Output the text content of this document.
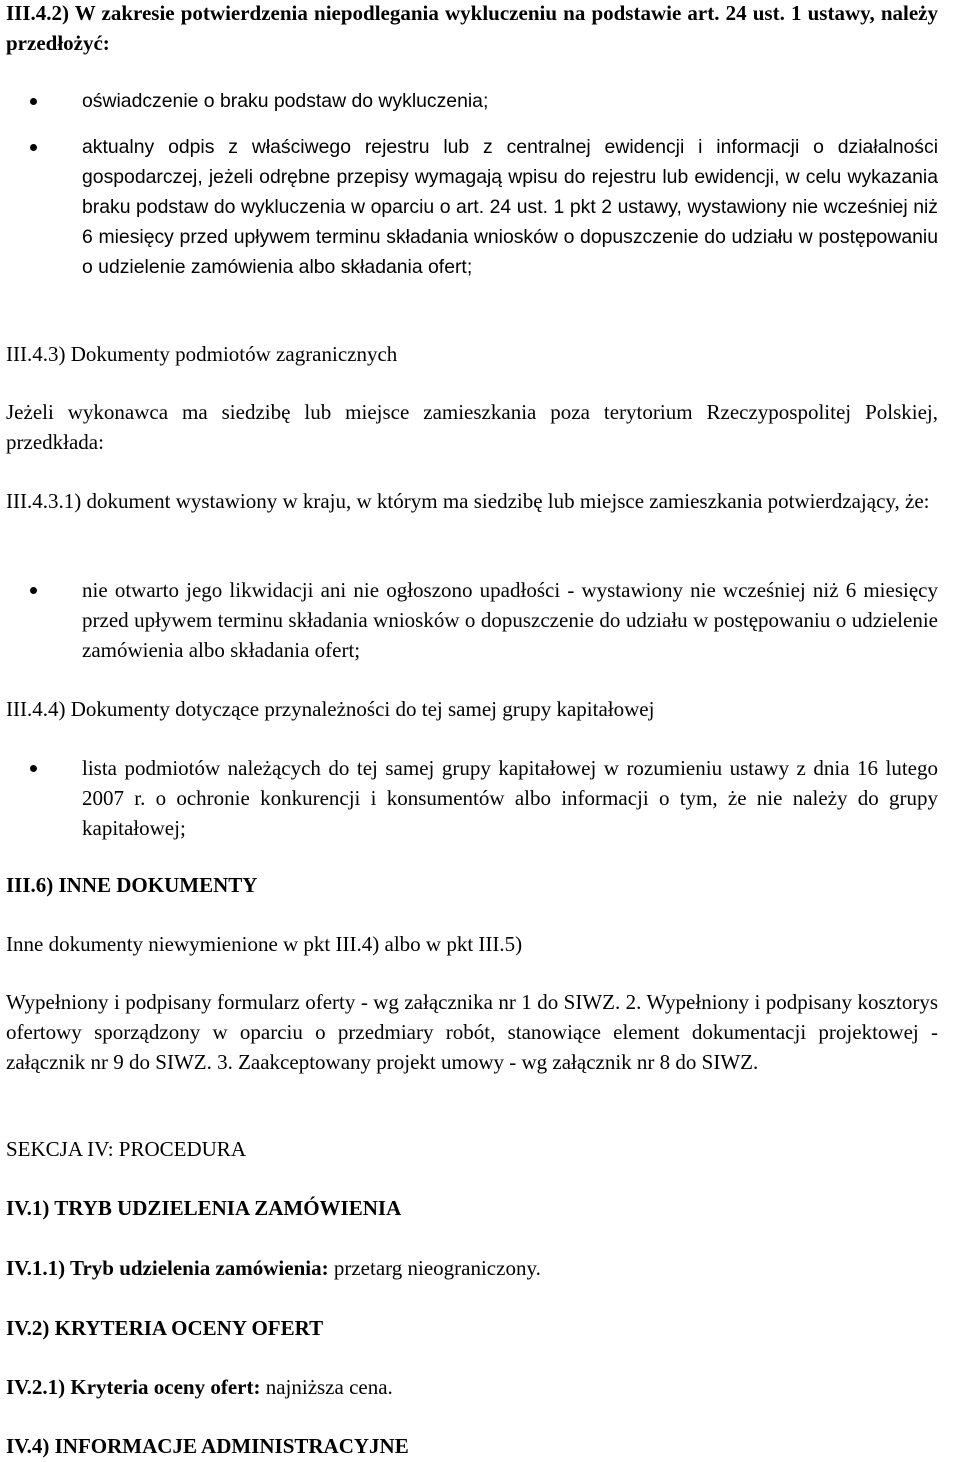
III.4.2) W zakresie potwierdzenia niepodlegania wykluczeniu na podstawie art. 24 ust. 1 ustawy, należy przedłożyć:

oświadczenie o braku podstaw do wykluczenia;
aktualny odpis z właściwego rejestru lub z centralnej ewidencji i informacji o działalności gospodarczej, jeżeli odrębne przepisy wymagają wpisu do rejestru lub ewidencji, w celu wykazania braku podstaw do wykluczenia w oparciu o art. 24 ust. 1 pkt 2 ustawy, wystawiony nie wcześniej niż 6 miesięcy przed upływem terminu składania wniosków o dopuszczenie do udziału w postępowaniu o udzielenie zamówienia albo składania ofert;

III.4.3) Dokumenty podmiotów zagranicznych

Jeżeli wykonawca ma siedzibę lub miejsce zamieszkania poza terytorium Rzeczypospolitej Polskiej, przedkłada:

III.4.3.1) dokument wystawiony w kraju, w którym ma siedzibę lub miejsce zamieszkania potwierdzający, że:

nie otwarto jego likwidacji ani nie ogłoszono upadłości - wystawiony nie wcześniej niż 6 miesięcy przed upływem terminu składania wniosków o dopuszczenie do udziału w postępowaniu o udzielenie zamówienia albo składania ofert;

III.4.4) Dokumenty dotyczące przynależności do tej samej grupy kapitałowej

lista podmiotów należących do tej samej grupy kapitałowej w rozumieniu ustawy z dnia 16 lutego 2007 r. o ochronie konkurencji i konsumentów albo informacji o tym, że nie należy do grupy kapitałowej;

III.6) INNE DOKUMENTY

Inne dokumenty niewymienione w pkt III.4) albo w pkt III.5)

Wypełniony i podpisany formularz oferty - wg załącznika nr 1 do SIWZ. 2. Wypełniony i podpisany kosztorys ofertowy sporządzony w oparciu o przedmiary robót, stanowiące element dokumentacji projektowej - załącznik nr 9 do SIWZ. 3. Zaakceptowany projekt umowy - wg załącznik nr 8 do SIWZ.

SEKCJA IV: PROCEDURA

IV.1) TRYB UDZIELENIA ZAMÓWIENIA

IV.1.1) Tryb udzielenia zamówienia: przetarg nieograniczony.

IV.2) KRYTERIA OCENY OFERT

IV.2.1) Kryteria oceny ofert: najniższa cena.

IV.4) INFORMACJE ADMINISTRACYJNE
